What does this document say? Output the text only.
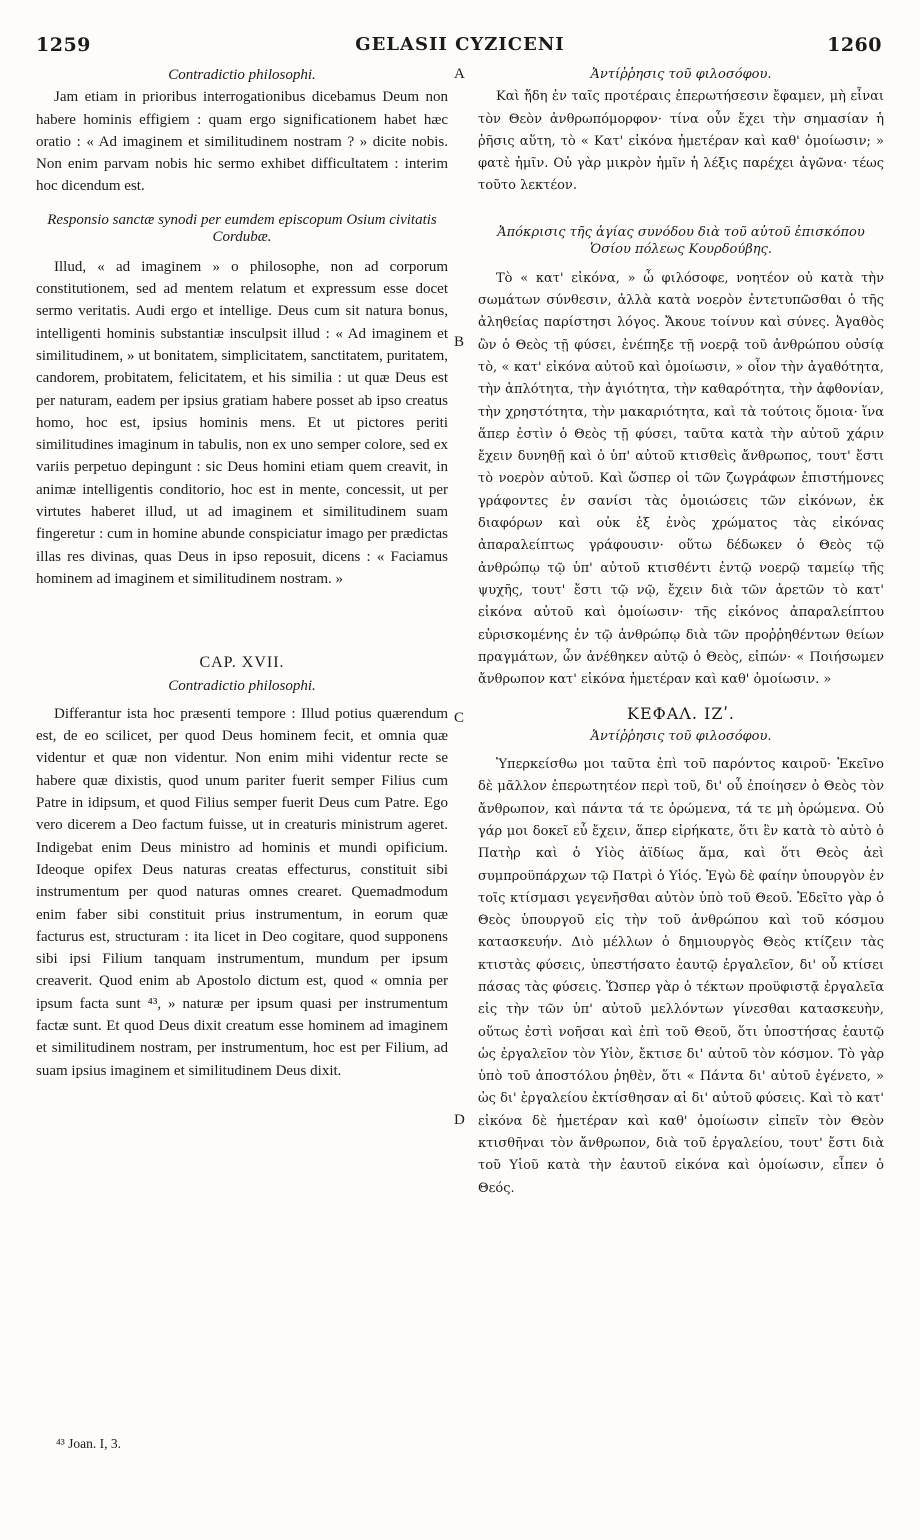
1259	GELASII CYZICENI	1260
A
B
C
D
Contradictio philosophi.

Jam etiam in prioribus interrogationibus dicebamus Deum non habere hominis effigiem : quam ergo significationem habet hæc oratio : « Ad imaginem et similitudinem nostram ? » dicite nobis. Non enim parvam nobis hic sermo exhibet difficultatem : interim hoc dicendum est.

Responsio sanctæ synodi per eumdem episcopum Osium civitatis Cordubæ.

Illud, « ad imaginem » o philosophe, non ad corporum constitutionem, sed ad mentem relatum et expressum esse docet sermo veritatis. Audi ergo et intellige. Deus cum sit natura bonus, intelligenti hominis substantiæ insculpsit illud : « Ad imaginem et similitudinem, » ut bonitatem, simplicitatem, sanctitatem, puritatem, candorem, probitatem, felicitatem, et his similia : ut quæ Deus est per naturam, eadem per ipsius gratiam habere posset ab ipso creatus homo, hoc est, ipsius hominis mens. Et ut pictores periti similitudines imaginum in tabulis, non ex uno semper colore, sed ex variis perpetuo depingunt : sic Deus homini etiam quem creavit, in animæ intelligentis conditorio, hoc est in mente, concessit, ut per virtutes haberet illud, ut ad imaginem et similitudinem suam fingeretur : cum in homine abunde conspiciatur imago per prædictas illas res divinas, quas Deus in ipso reposuit, dicens : « Faciamus hominem ad imaginem et similitudinem nostram. »

CAP. XVII.
Contradictio philosophi.

Differantur ista hoc præsenti tempore : Illud potius quærendum est, de eo scilicet, per quod Deus hominem fecit, et omnia quæ videntur et quæ non videntur. Non enim mihi videntur recte se habere quæ dixistis, quod unum pariter fuerit semper Filius cum Patre in idipsum, et quod Filius semper fuerit Deus cum Patre. Ego vero dicerem a Deo factum fuisse, ut in creaturis ministrum ageret. Indigebat enim Deus ministro ad hominis et mundi opificium. Ideoque opifex Deus naturas creatas effecturus, constituit sibi instrumentum per quod naturas omnes crearet. Quemadmodum enim faber sibi constituit prius instrumentum, in eorum quæ facturus est, structuram : ita licet in Deo cogitare, quod supponens sibi ipsi Filium tanquam instrumentum, mundum per ipsum creaverit. Quod enim ab Apostolo dictum est, quod « omnia per ipsum facta sunt ⁴³, » naturæ per ipsum quasi per instrumentum factæ sunt. Et quod Deus dixit creatum esse hominem ad imaginem et similitudinem nostram, per instrumentum, hoc est per Filium, ad suam ipsius imaginem et similitudinem Deus dixit.

Ἀντίῤῥησις τοῦ φιλοσόφου.

Καὶ ἤδη ἐν ταῖς προτέραις ἐπερωτήσεσιν ἔφαμεν, μὴ εἶναι τὸν Θεὸν ἀνθρωπόμορφον· τίνα οὖν ἔχει τὴν σημασίαν ἡ ῥῆσις αὕτη, τὸ « Κατ' εἰκόνα ἡμετέραν καὶ καθ' ὁμοίωσιν; » φατὲ ἡμῖν. Οὐ γὰρ μικρὸν ἡμῖν ἡ λέξις παρέχει ἀγῶνα· τέως τοῦτο λεκτέον.

Ἀπόκρισις τῆς ἁγίας συνόδου διὰ τοῦ αὐτοῦ ἐπισκόπου Ὁσίου πόλεως Κουρδούβης.

Τὸ « κατ' εἰκόνα, » ὦ φιλόσοφε, νοητέον οὐ κατὰ τὴν σωμάτων σύνθεσιν, ἀλλὰ κατὰ νοερὸν ἐντετυπῶσθαι ὁ τῆς ἀληθείας παρίστησι λόγος. Ἄκουε τοίνυν καὶ σύνες. Ἀγαθὸς ὢν ὁ Θεὸς τῇ φύσει, ἐνέπηξε τῇ νοερᾷ τοῦ ἀνθρώπου οὐσίᾳ τὸ, « κατ' εἰκόνα αὐτοῦ καὶ ὁμοίωσιν, » οἷον τὴν ἀγαθότητα, τὴν ἁπλότητα, τὴν ἁγιότητα, τὴν καθαρότητα, τὴν ἀφθονίαν, τὴν χρηστότητα, τὴν μακαριότητα, καὶ τὰ τούτοις ὅμοια· ἵνα ἅπερ ἐστὶν ὁ Θεὸς τῇ φύσει, ταῦτα κατὰ τὴν αὐτοῦ χάριν ἔχειν δυνηθῇ καὶ ὁ ὑπ' αὐτοῦ κτισθεὶς ἄνθρωπος, τουτ' ἔστι τὸ νοερὸν αὐτοῦ. Καὶ ὥσπερ οἱ τῶν ζωγράφων ἐπιστήμονες γράφοντες ἐν σανίσι τὰς ὁμοιώσεις τῶν εἰκόνων, ἐκ διαφόρων καὶ οὐκ ἐξ ἑνὸς χρώματος τὰς εἰκόνας ἀπαραλείπτως γράφουσιν· οὕτω δέδωκεν ὁ Θεὸς τῷ ἀνθρώπῳ τῷ ὑπ' αὐτοῦ κτισθέντι ἐντῷ νοερῷ ταμείῳ τῆς ψυχῆς, τουτ' ἔστι τῷ νῷ, ἔχειν διὰ τῶν ἀρετῶν τὸ κατ' εἰκόνα αὐτοῦ καὶ ὁμοίωσιν· τῆς εἰκόνος ἀπαραλείπτου εὑρισκομένης ἐν τῷ ἀνθρώπῳ διὰ τῶν προῤῥηθέντων θείων πραγμάτων, ὧν ἀνέθηκεν αὐτῷ ὁ Θεὸς, εἰπών· « Ποιήσωμεν ἄνθρωπον κατ' εἰκόνα ἡμετέραν καὶ καθ' ὁμοίωσιν. »

ΚΕΦΑΛ. ΙΖʹ.
Ἀντίῤῥησις τοῦ φιλοσόφου.

Ὑπερκείσθω μοι ταῦτα ἐπὶ τοῦ παρόντος καιροῦ· Ἐκεῖνο δὲ μᾶλλον ἐπερωτητέον περὶ τοῦ, δι' οὗ ἐποίησεν ὁ Θεὸς τὸν ἄνθρωπον, καὶ πάντα τά τε ὁρώμενα, τά τε μὴ ὁρώμενα. Οὐ γάρ μοι δοκεῖ εὖ ἔχειν, ἅπερ εἰρήκατε, ὅτι ἓν κατὰ τὸ αὐτὸ ὁ Πατὴρ καὶ ὁ Υἱὸς ἀϊδίως ἅμα, καὶ ὅτι Θεὸς ἀεὶ συμπροϋπάρχων τῷ Πατρὶ ὁ Υἱός. Ἐγὼ δὲ φαίην ὑπουργὸν ἐν τοῖς κτίσμασι γεγενῆσθαι αὐτὸν ὑπὸ τοῦ Θεοῦ. Ἐδεῖτο γὰρ ὁ Θεὸς ὑπουργοῦ εἰς τὴν τοῦ ἀνθρώπου καὶ τοῦ κόσμου κατασκευήν. Διὸ μέλλων ὁ δημιουργὸς Θεὸς κτίζειν τὰς κτιστὰς φύσεις, ὑπεστήσατο ἑαυτῷ ἐργαλεῖον, δι' οὗ κτίσει πάσας τὰς φύσεις. Ὥσπερ γὰρ ὁ τέκτων προϋφιστᾷ ἐργαλεῖα εἰς τὴν τῶν ὑπ' αὐτοῦ μελλόντων γίνεσθαι κατασκευὴν, οὕτως ἐστὶ νοῆσαι καὶ ἐπὶ τοῦ Θεοῦ, ὅτι ὑποστήσας ἑαυτῷ ὡς ἐργαλεῖον τὸν Υἱὸν, ἔκτισε δι' αὐτοῦ τὸν κόσμον. Τὸ γὰρ ὑπὸ τοῦ ἀποστόλου ῥηθὲν, ὅτι « Πάντα δι' αὐτοῦ ἐγένετο, » ὡς δι' ἐργαλείου ἐκτίσθησαν αἱ δι' αὐτοῦ φύσεις. Καὶ τὸ κατ' εἰκόνα δὲ ἡμετέραν καὶ καθ' ὁμοίωσιν εἰπεῖν τὸν Θεὸν κτισθῆναι τὸν ἄνθρωπον, διὰ τοῦ ἐργαλείου, τουτ' ἔστι διὰ τοῦ Υἱοῦ κατὰ τὴν ἑαυτοῦ εἰκόνα καὶ ὁμοίωσιν, εἶπεν ὁ Θεός.

⁴³ Joan. I, 3.
